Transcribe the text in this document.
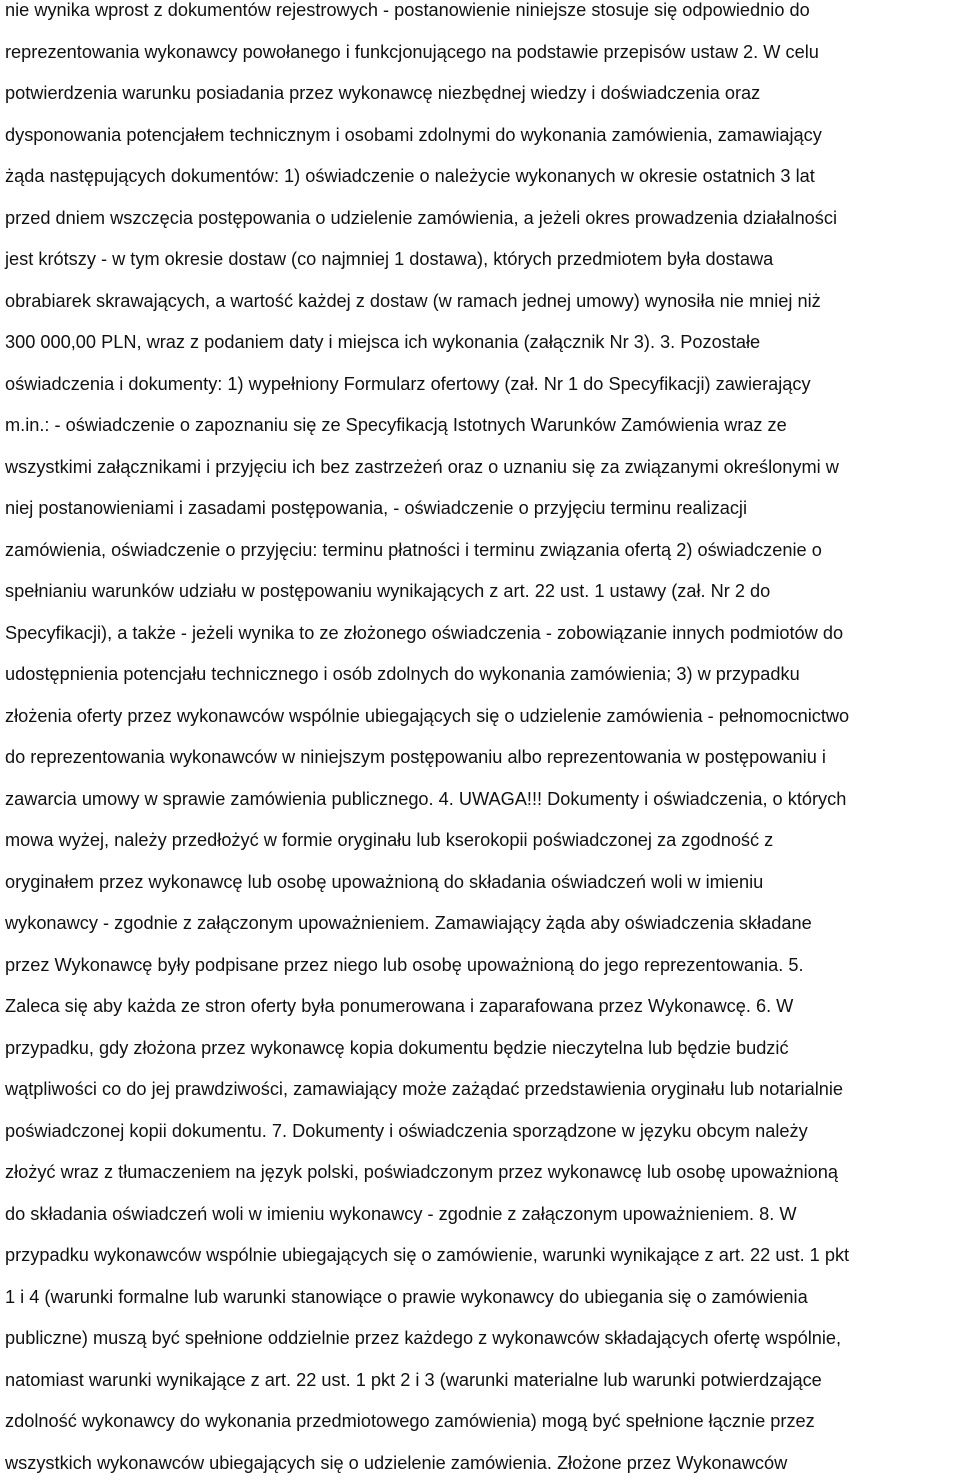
nie wynika wprost z dokumentów rejestrowych - postanowienie niniejsze stosuje się odpowiednio do
reprezentowania wykonawcy powołanego i funkcjonującego na podstawie przepisów ustaw 2. W celu
potwierdzenia warunku posiadania przez wykonawcę niezbędnej wiedzy i doświadczenia oraz
dysponowania potencjałem technicznym i osobami zdolnymi do wykonania zamówienia, zamawiający
żąda następujących dokumentów: 1) oświadczenie o należycie wykonanych w okresie ostatnich 3 lat
przed dniem wszczęcia postępowania o udzielenie zamówienia, a jeżeli okres prowadzenia działalności
jest krótszy - w tym okresie dostaw (co najmniej 1 dostawa), których przedmiotem była dostawa
obrabiarek skrawających, a wartość każdej z dostaw (w ramach jednej umowy) wynosiła nie mniej niż
300 000,00 PLN, wraz z podaniem daty i miejsca ich wykonania (załącznik Nr 3). 3. Pozostałe
oświadczenia i dokumenty: 1) wypełniony Formularz ofertowy (zał. Nr 1 do Specyfikacji) zawierający
m.in.: - oświadczenie o zapoznaniu się ze Specyfikacją Istotnych Warunków Zamówienia wraz ze
wszystkimi załącznikami i przyjęciu ich bez zastrzeżeń oraz o uznaniu się za związanymi określonymi w
niej postanowieniami i zasadami postępowania, - oświadczenie o przyjęciu terminu realizacji
zamówienia, oświadczenie o przyjęciu: terminu płatności i terminu związania ofertą 2) oświadczenie o
spełnianiu warunków udziału w postępowaniu wynikających z art. 22 ust. 1 ustawy (zał. Nr 2 do
Specyfikacji), a także - jeżeli wynika to ze złożonego oświadczenia - zobowiązanie innych podmiotów do
udostępnienia potencjału technicznego i osób zdolnych do wykonania zamówienia; 3) w przypadku
złożenia oferty przez wykonawców wspólnie ubiegających się o udzielenie zamówienia - pełnomocnictwo
do reprezentowania wykonawców w niniejszym postępowaniu albo reprezentowania w postępowaniu i
zawarcia umowy w sprawie zamówienia publicznego. 4. UWAGA!!! Dokumenty i oświadczenia, o których
mowa wyżej, należy przedłożyć w formie oryginału lub kserokopii poświadczonej za zgodność z
oryginałem przez wykonawcę lub osobę upoważnioną do składania oświadczeń woli w imieniu
wykonawcy - zgodnie z załączonym upoważnieniem. Zamawiający żąda aby oświadczenia składane
przez Wykonawcę były podpisane przez niego lub osobę upoważnioną do jego reprezentowania. 5.
Zaleca się aby każda ze stron oferty była ponumerowana i zaparafowana przez Wykonawcę. 6. W
przypadku, gdy złożona przez wykonawcę kopia dokumentu będzie nieczytelna lub będzie budzić
wątpliwości co do jej prawdziwości, zamawiający może zażądać przedstawienia oryginału lub notarialnie
poświadczonej kopii dokumentu. 7. Dokumenty i oświadczenia sporządzone w języku obcym należy
złożyć wraz z tłumaczeniem na język polski, poświadczonym przez wykonawcę lub osobę upoważnioną
do składania oświadczeń woli w imieniu wykonawcy - zgodnie z załączonym upoważnieniem. 8. W
przypadku wykonawców wspólnie ubiegających się o zamówienie, warunki wynikające z art. 22 ust. 1 pkt
1 i 4 (warunki formalne lub warunki stanowiące o prawie wykonawcy do ubiegania się o zamówienia
publiczne) muszą być spełnione oddzielnie przez każdego z wykonawców składających ofertę wspólnie,
natomiast warunki wynikające z art. 22 ust. 1 pkt 2 i 3 (warunki materialne lub warunki potwierdzające
zdolność wykonawcy do wykonania przedmiotowego zamówienia) mogą być spełnione łącznie przez
wszystkich wykonawców ubiegających się o udzielenie zamówienia. Złożone przez Wykonawców
